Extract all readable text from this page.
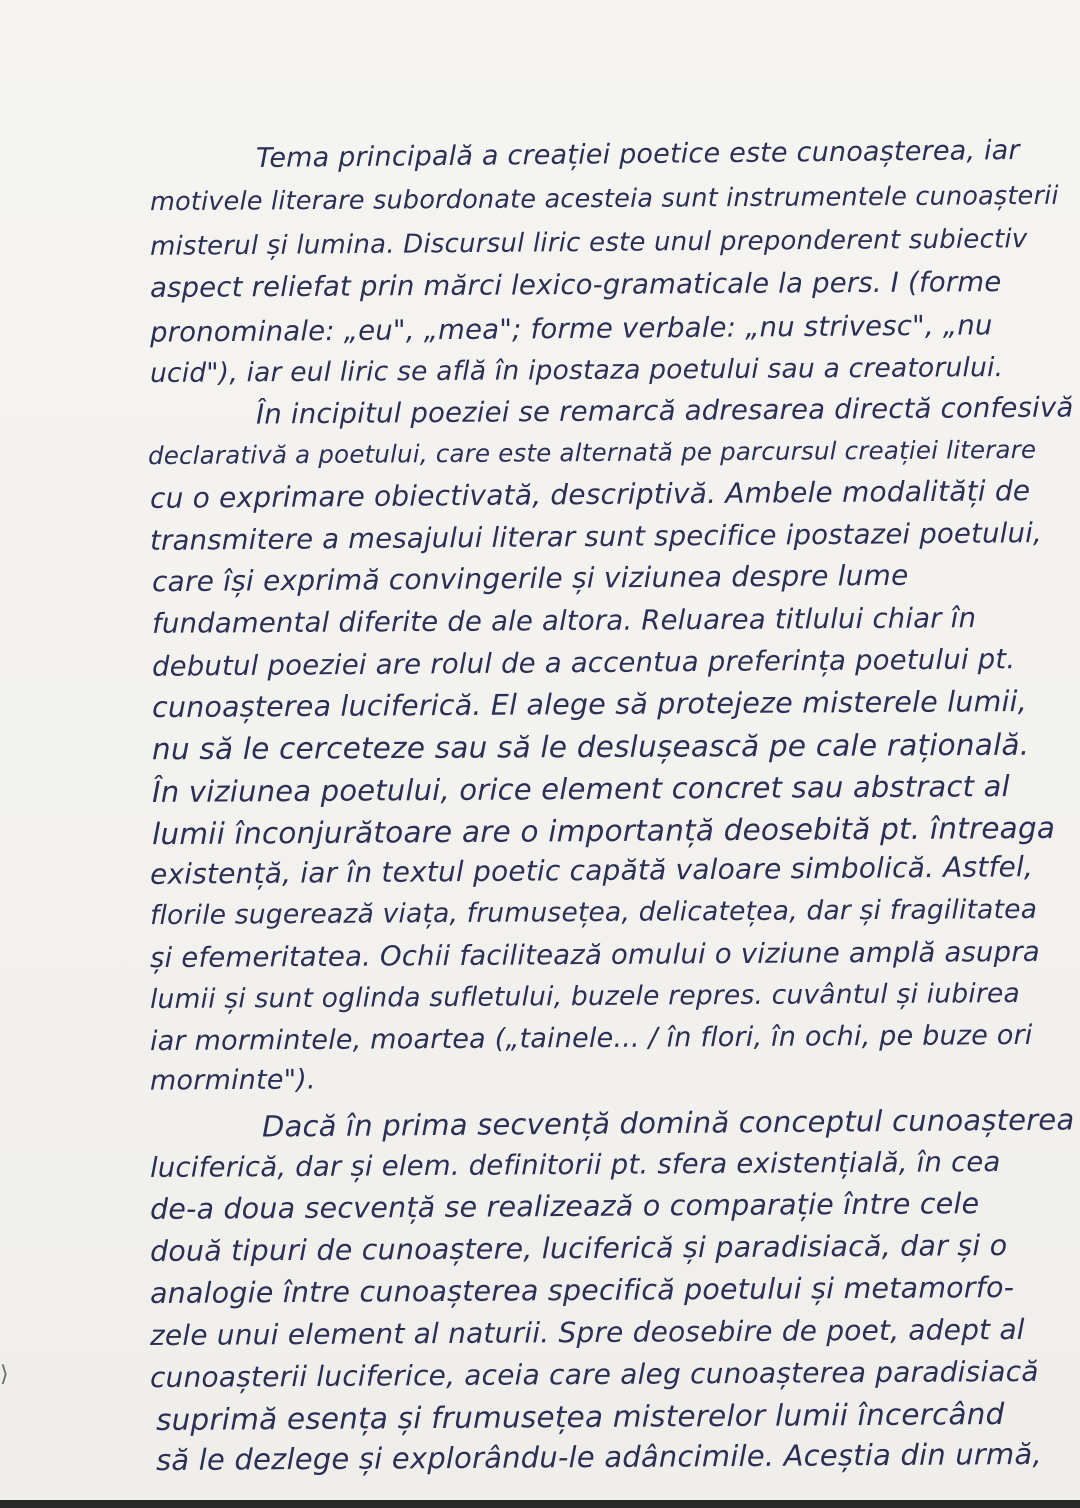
Tema principală a creației poetice este cunoașterea, iar
motivele literare subordonate acesteia sunt instrumentele cunoașterii
misterul și lumina. Discursul liric este unul preponderent subiectiv
aspect reliefat prin mărci lexico-gramaticale la pers. I (forme
pronominale: „eu", „mea"; forme verbale: „nu strivesc", „nu
ucid"), iar eul liric se află în ipostaza poetului sau a creatorului.
În incipitul poeziei se remarcă adresarea directă confesivă
declarativă a poetului, care este alternată pe parcursul creației literare
cu o exprimare obiectivată, descriptivă. Ambele modalități de
transmitere a mesajului literar sunt specifice ipostazei poetului,
care își exprimă convingerile și viziunea despre lume
fundamental diferite de ale altora. Reluarea titlului chiar în
debutul poeziei are rolul de a accentua preferința poetului pt.
cunoașterea luciferică. El alege să protejeze misterele lumii,
nu să le cerceteze sau să le deslușească pe cale rațională.
În viziunea poetului, orice element concret sau abstract al
lumii înconjurătoare are o importanță deosebită pt. întreaga
existență, iar în textul poetic capătă valoare simbolică. Astfel,
florile sugerează viața, frumusețea, delicatețea, dar și fragilitatea
și efemeritatea. Ochii facilitează omului o viziune amplă asupra
lumii și sunt oglinda sufletului, buzele repres. cuvântul și iubirea
iar mormintele, moartea („tainele... / în flori, în ochi, pe buze ori
morminte").
Dacă în prima secvență domină conceptul cunoașterea
luciferică, dar și elem. definitorii pt. sfera existențială, în cea
de-a doua secvență se realizează o comparație între cele
două tipuri de cunoaștere, luciferică și paradisiacă, dar și o
analogie între cunoașterea specifică poetului și metamorfo-
zele unui element al naturii. Spre deosebire de poet, adept al
cunoașterii luciferice, aceia care aleg cunoașterea paradisiacă
suprimă esența și frumusețea misterelor lumii încercând
să le dezlege și explorându-le adâncimile. Aceștia din urmă,
⟩
